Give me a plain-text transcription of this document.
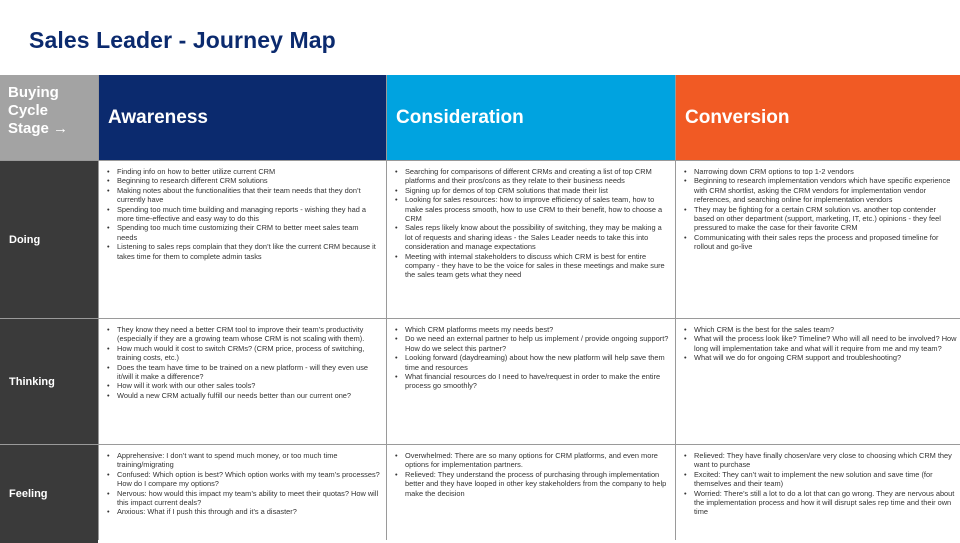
Sales Leader - Journey Map
Buying Cycle Stage →
Awareness	Consideration	Conversion
Doing
• Finding info on how to better utilize current CRM
• Beginning to research different CRM solutions
• Making notes about the functionalities that their team needs that they don’t currently have
• Spending too much time building and managing reports - wishing they had a more time-effective and easy way to do this
• Spending too much time customizing their CRM to better meet sales team needs
• Listening to sales reps complain that they don’t like the current CRM because it takes time for them to complete admin tasks
• Searching for comparisons of different CRMs and creating a list of top CRM platforms and their pros/cons as they relate to their business needs
• Signing up for demos of top CRM solutions that made their list
• Looking for sales resources: how to improve efficiency of sales team, how to make sales process smooth, how to use CRM to their benefit, how to choose a CRM
• Sales reps likely know about the possibility of switching, they may be making a lot of requests and sharing ideas - the Sales Leader needs to take this into consideration and manage expectations
• Meeting with internal stakeholders to discuss which CRM is best for entire company - they have to be the voice for sales in these meetings and make sure the sales team gets what they need
• Narrowing down CRM options to top 1-2 vendors
• Beginning to research implementation vendors which have specific experience with CRM shortlist, asking the CRM vendors for implementation vendor references, and searching online for implementation vendors
• They may be fighting for a certain CRM solution vs. another top contender based on other department (support, marketing, IT, etc.) opinions - they feel pressured to make the case for their favorite CRM
• Communicating with their sales reps the process and proposed timeline for rollout and go-live
Thinking
• They know they need a better CRM tool to improve their team’s productivity (especially if they are a growing team whose CRM is not scaling with them).
• How much would it cost to switch CRMs? (CRM price, process of switching, training costs, etc.)
• Does the team have time to be trained on a new platform - will they even use it/will it make a difference?
• How will it work with our other sales tools?
• Would a new CRM actually fulfill our needs better than our current one?
• Which CRM platforms meets my needs best?
• Do we need an external partner to help us implement / provide ongoing support? How do we select this partner?
• Looking forward (daydreaming) about how the new platform will help save them time and resources
• What financial resources do I need to have/request in order to make the entire process go smoothly?
• Which CRM is the best for the sales team?
• What will the process look like? Timeline? Who will all need to be involved? How long will implementation take and what will it require from me and my team?
• What will we do for ongoing CRM support and troubleshooting?
Feeling
• Apprehensive: I don’t want to spend much money, or too much time training/migrating
• Confused: Which option is best? Which option works with my team’s processes? How do I compare my options?
• Nervous: how would this impact my team’s ability to meet their quotas? How will this impact current deals?
• Anxious: What if I push this through and it’s a disaster?
• Overwhelmed: There are so many options for CRM platforms, and even more options for implementation partners.
• Relieved: They understand the process of purchasing through implementation better and they have looped in other key stakeholders from the company to help make the decision
• Relieved: They have finally chosen/are very close to choosing which CRM they want to purchase
• Excited: They can’t wait to implement the new solution and save time (for themselves and their team)
• Worried: There’s still a lot to do a lot that can go wrong. They are nervous about the implementation process and how it will disrupt sales rep time and their own time
